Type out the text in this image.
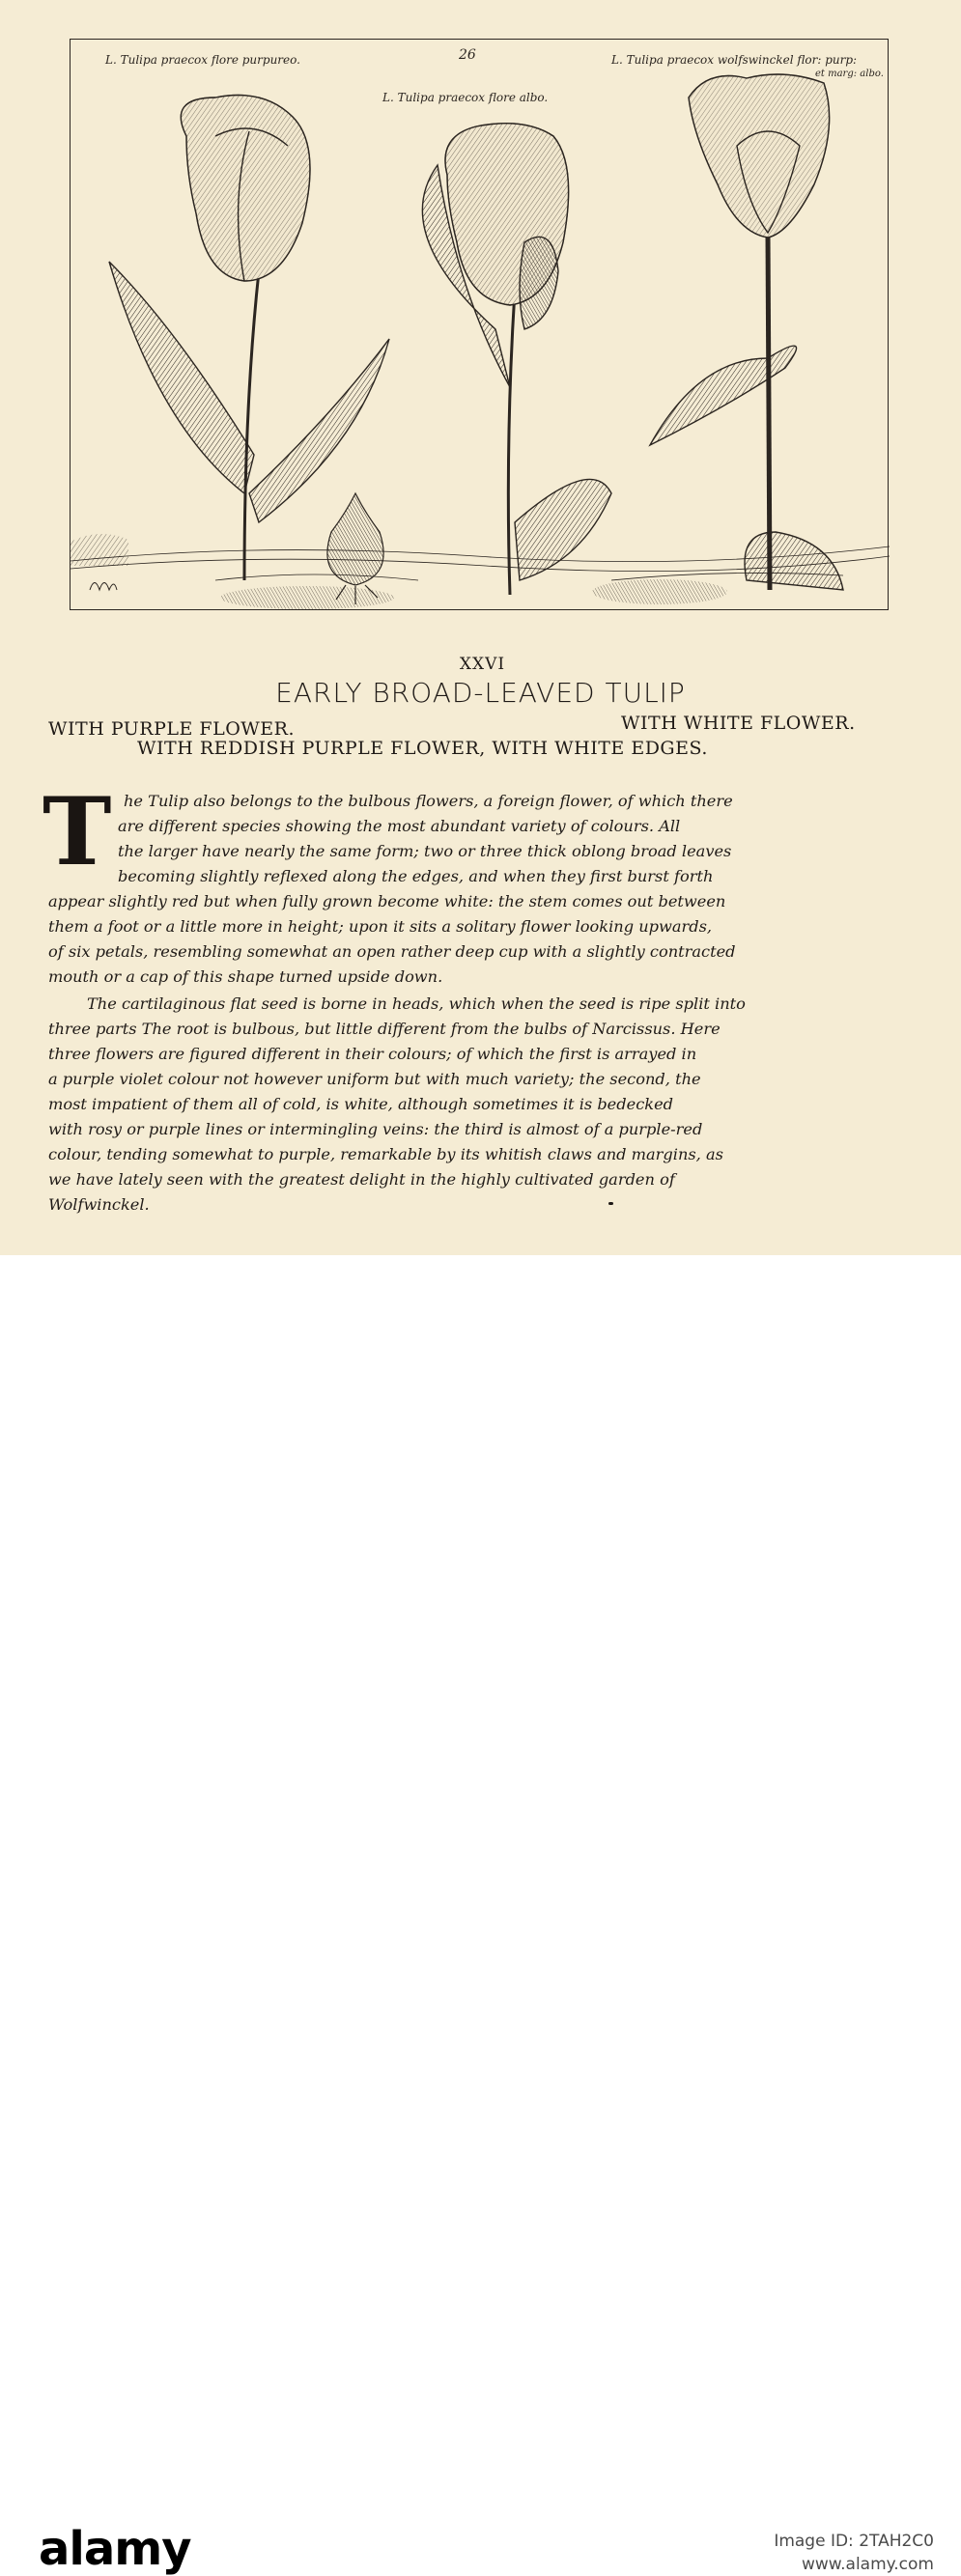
L. Tulipa praecox flore purpureo.	26	L. Tulipa praecox wolfswinckel flor: purp:
et marg: albo.
L. Tulipa praecox flore albo.
XXVI
EARLY BROAD-LEAVED TULIP
WITH PURPLE FLOWER.	WITH WHITE FLOWER.
WITH REDDISH PURPLE FLOWER, WITH WHITE EDGES.
T he Tulip also belongs to the bulbous flowers, a foreign flower, of which there
are different species showing the most abundant variety of colours. All
the larger have nearly the same form; two or three thick oblong broad leaves
becoming slightly reflexed along the edges, and when they first burst forth
appear slightly red but when fully grown become white: the stem comes out between
them a foot or a little more in height; upon it sits a solitary flower looking upwards,
of six petals, resembling somewhat an open rather deep cup with a slightly contracted
mouth or a cap of this shape turned upside down.
The cartilaginous flat seed is borne in heads, which when the seed is ripe split into
three parts The root is bulbous, but little different from the bulbs of Narcissus. Here
three flowers are figured different in their colours; of which the first is arrayed in
a purple violet colour not however uniform but with much variety; the second, the
most impatient of them all of cold, is white, although sometimes it is bedecked
with rosy or purple lines or intermingling veins: the third is almost of a purple-red
colour, tending somewhat to purple, remarkable by its whitish claws and margins, as
we have lately seen with the greatest delight in the highly cultivated garden of
Wolfwinckel.
alamy	Image ID: 2TAH2C0
www.alamy.com
